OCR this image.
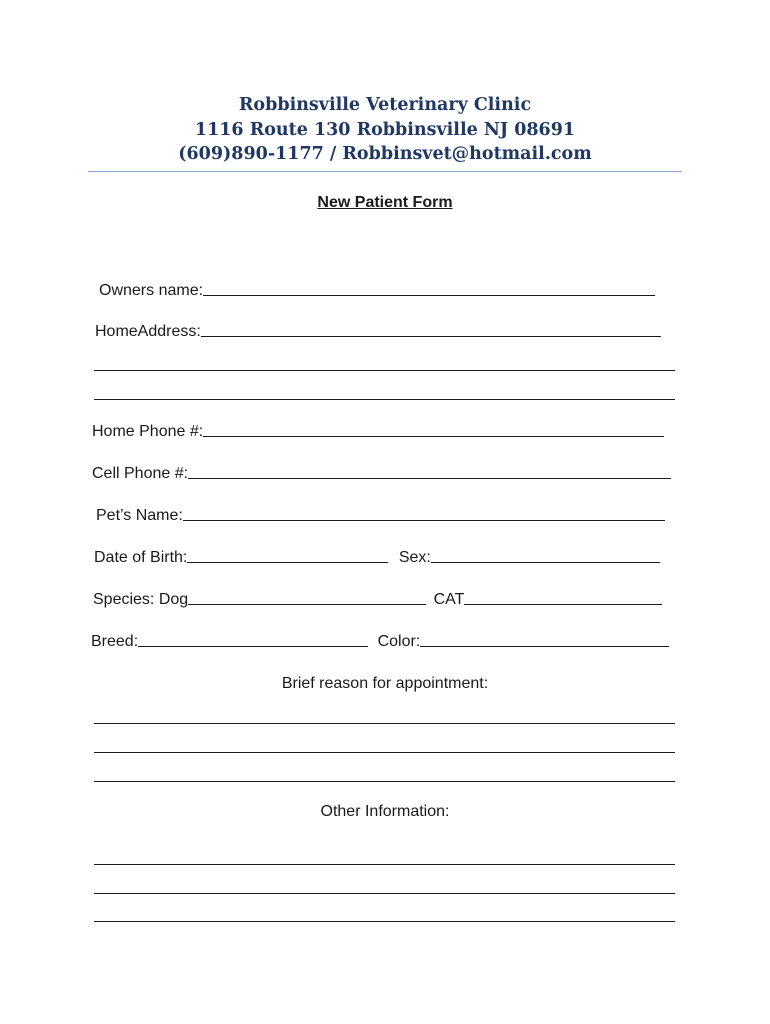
Robbinsville Veterinary Clinic
1116 Route 130 Robbinsville NJ 08691
(609)890-1177 / Robbinsvet@hotmail.com
New Patient Form
Owners name:
HomeAddress:
Home Phone #:
Cell Phone #:
Pet’s Name:
Date of Birth:	Sex:
Species: Dog	CAT
Breed:	Color:
Brief reason for appointment:
Other Information:
